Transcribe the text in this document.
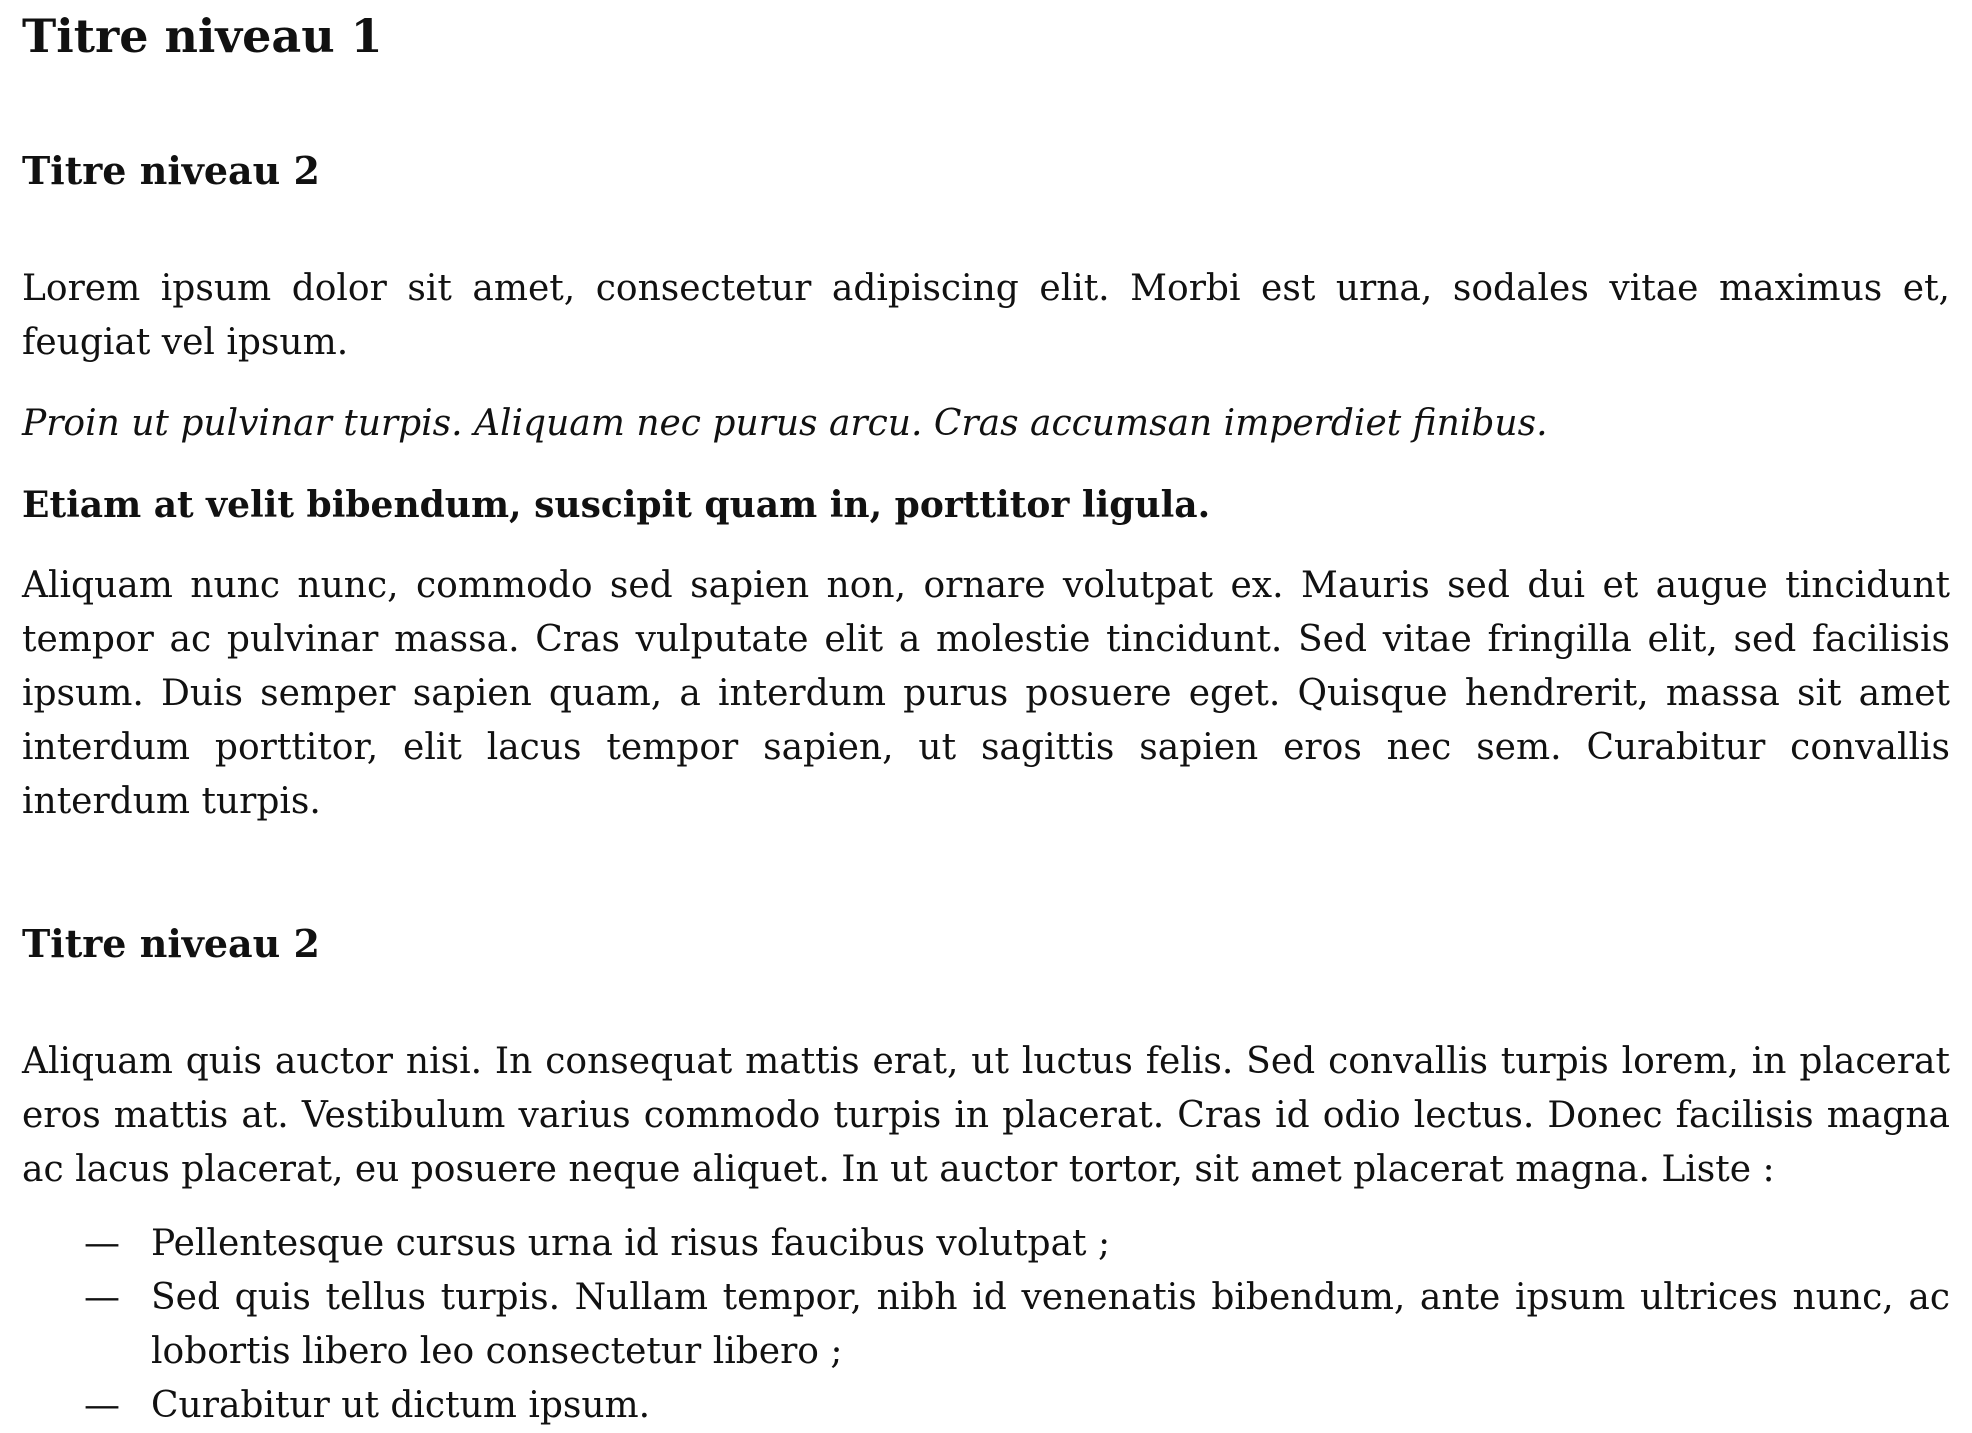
Titre niveau 1
Titre niveau 2

Lorem ipsum dolor sit amet, consectetur adipiscing elit. Morbi est urna, sodales vitae maximus et, feugiat vel ipsum.

Proin ut pulvinar turpis. Aliquam nec purus arcu. Cras accumsan imperdiet finibus.

Etiam at velit bibendum, suscipit quam in, porttitor ligula.

Aliquam nunc nunc, commodo sed sapien non, ornare volutpat ex. Mauris sed dui et augue tincidunt tempor ac pulvinar massa. Cras vulputate elit a molestie tincidunt. Sed vitae fringilla elit, sed facilisis ipsum. Duis semper sapien quam, a interdum purus posuere eget. Quisque hendrerit, massa sit amet interdum porttitor, elit lacus tempor sapien, ut sagittis sapien eros nec sem. Curabitur convallis interdum turpis.

Titre niveau 2

Aliquam quis auctor nisi. In consequat mattis erat, ut luctus felis. Sed convallis turpis lorem, in placerat eros mattis at. Vestibulum varius commodo turpis in placerat. Cras id odio lectus. Donec facilisis magna ac lacus placerat, eu posuere neque aliquet. In ut auctor tortor, sit amet placerat magna. Liste :

— Pellentesque cursus urna id risus faucibus volutpat ;
— Sed quis tellus turpis. Nullam tempor, nibh id venenatis bibendum, ante ipsum ultrices nunc, ac lobortis libero leo consectetur libero ;
— Curabitur ut dictum ipsum.
